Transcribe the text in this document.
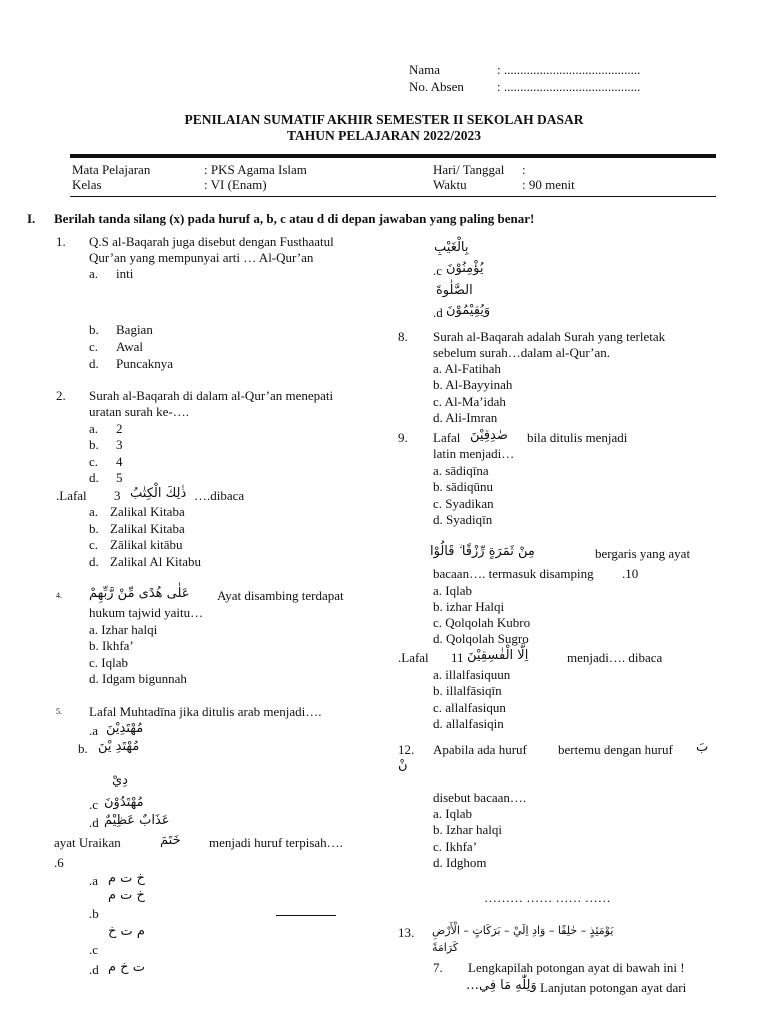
Nama	: ..........................................
No. Absen	: ..........................................
PENILAIAN SUMATIF AKHIR SEMESTER II SEKOLAH DASAR
TAHUN PELAJARAN 2022/2023
Mata Pelajaran	: PKS Agama Islam	Hari/ Tanggal :
Kelas	: VI (Enam)	Waktu	: 90 menit
I. Berilah tanda silang (x) pada huruf a, b, c atau d di depan jawaban yang paling benar!
1. Q.S al-Baqarah juga disebut dengan Fusthaatul
Qur’an yang mempunyai arti … Al-Qur’an
a. inti
b. Bagian
c. Awal
d. Puncaknya
2. Surah al-Baqarah di dalam al-Qur’an menepati
uratan surah ke-….
a. 2
b. 3
c. 4
d. 5
.Lafal 3 ذٰلِكَ الْكِتٰبُ ….dibaca
a. Zalikal Kitaba
b. Zalikal Kitaba
c. Zālikal kitābu
d. Zalikal Al Kitabu
4. عَلٰى هُدًى مِّنْ رَّبِّهِمْ Ayat disambing terdapat
hukum tajwid yaitu…
a. Izhar halqi
b. Ikhfa’
c. Iqlab
d. Idgam bigunnah
5. Lafal Muhtadīna jika ditulis arab menjadi….
.a مُهْتَدِيْنَ
b. مُهْتَدِ يْنَ
دِيْ
.c مُهْتَدُوْنَ
.d عَذَابٌ عَظِيْمٌ
ayat Uraikan	خَتَمَ menjadi huruf terpisah….
.6
.a خ ت م
.b
خ ت م
.c
م ت خ
.d ت خ م
بِالْغَيْبِ
.c يُؤْمِنُوْنَ
الصَّلٰوةَ
.d وَيُقِيْمُوْنَ
8. Surah al-Baqarah adalah Surah yang terletak
sebelum surah…dalam al-Qur’an.
a. Al-Fatihah
b. Al-Bayyinah
c. Al-Ma’idah
d. Ali-Imran
9. Lafal صٰدِقِيْنَ bila ditulis menjadi
latin menjadi…
a. sādiqīna
b. sādiqūnu
c. Syadikan
d. Syadiqīn
مِنْ ثَمَرَةٍ رِّزْقًا ۙ قَالُوْا	bergaris yang ayat
bacaan…. termasuk disamping .10
a. Iqlab
b. izhar Halqi
c. Qolqolah Kubro
d. Qolqolah Sugro
.Lafal 11 اِلَّا الْفٰسِقِيْنَ	menjadi…. dibaca
a. illalfasiquun
b. illalfāsiqīn
c. allalfasiqun
d. allalfasiqin
12. Apabila ada huruf
نْ
bertemu dengan huruf بَ
disebut bacaan….
a. Iqlab
b. Izhar halqi
c. Ikhfa’
d. Idghom
……… …… …… ……
13. يَوْمَئِذٍ – حٰلِقًا – وَادِ اِلَيْ – بَرَكَاتٍ – الْأَرْضِ
كَرَامَةً
7. Lengkapilah potongan ayat di bawah ini !
وَلِلّٰهِ مَا فِي… Lanjutan potongan ayat dari
